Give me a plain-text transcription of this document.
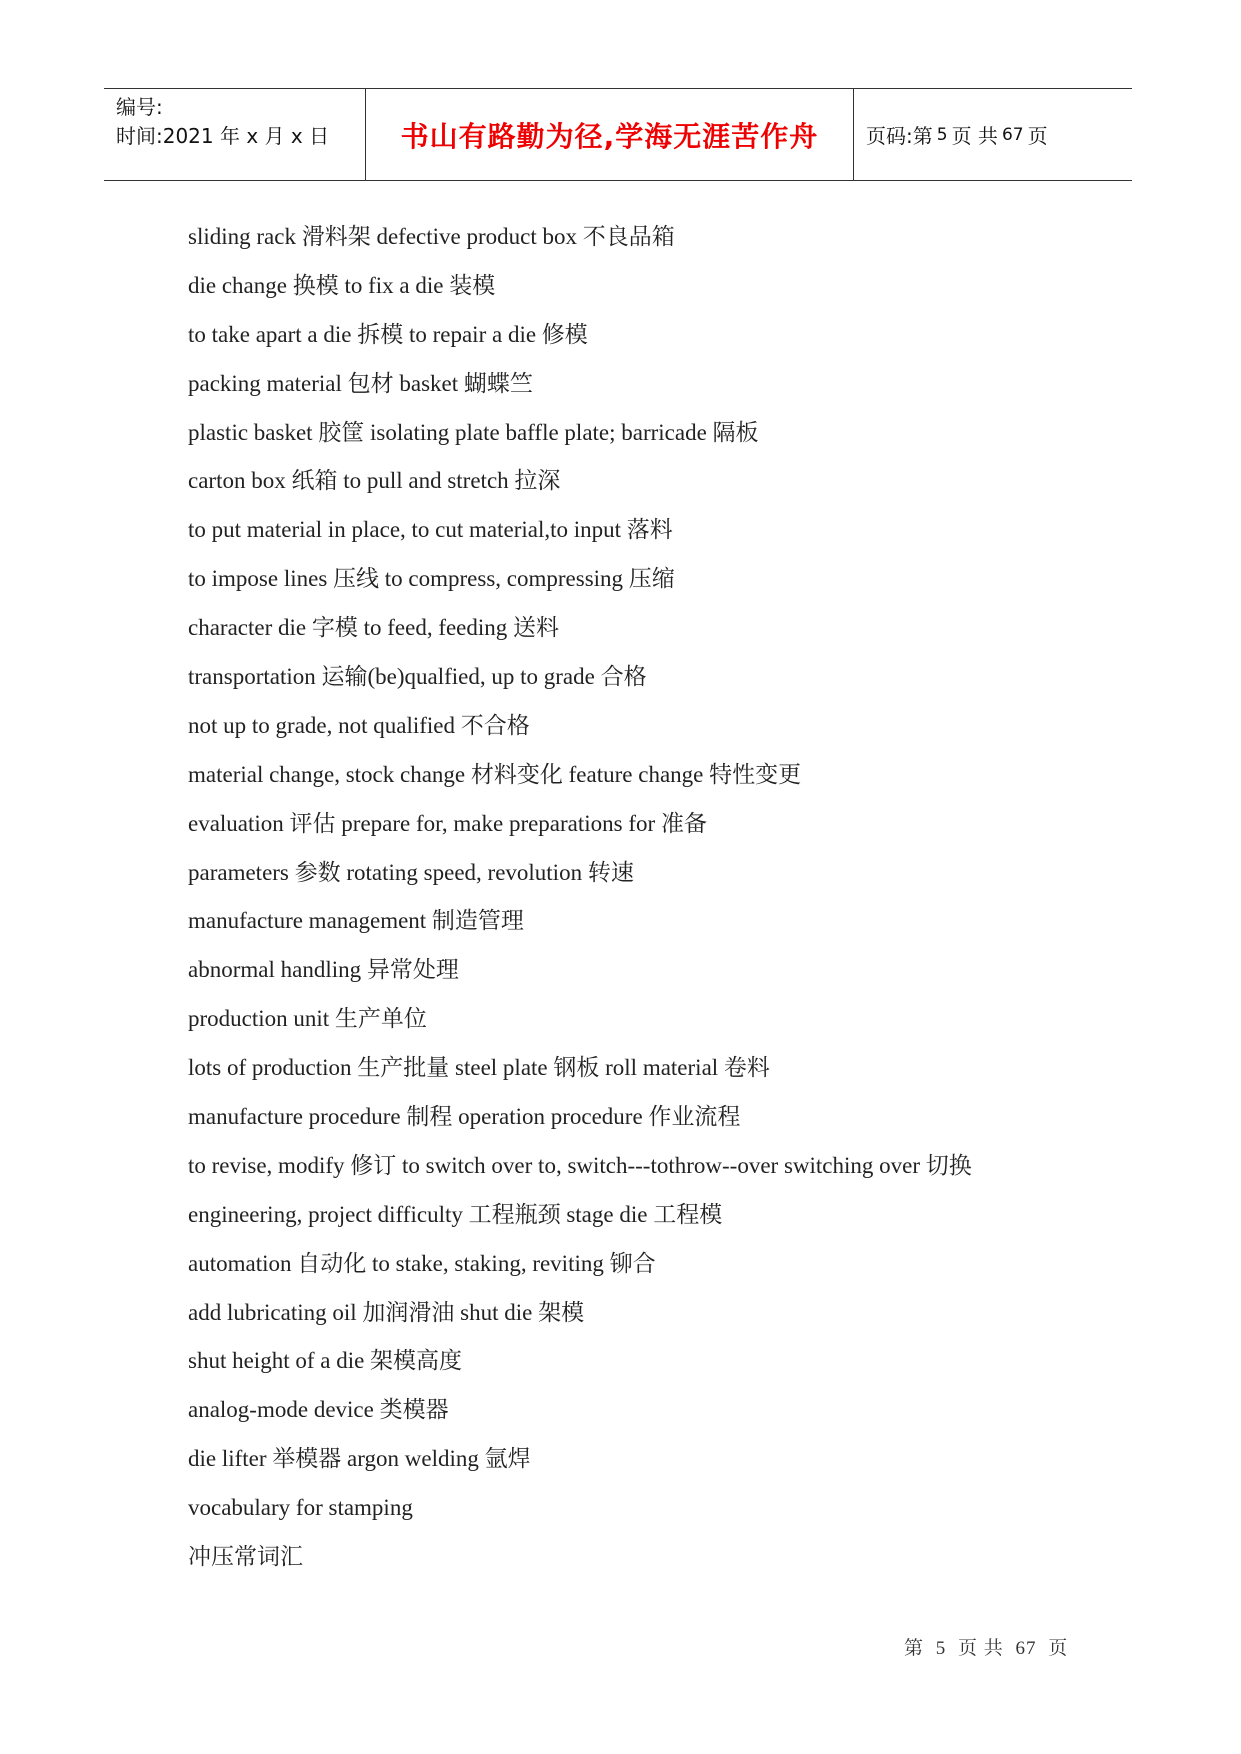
编号:
时间:2021 年 x 月 x 日	书山有路勤为径,学海无涯苦作舟	页码:第 5 页 共 67 页
sliding rack 滑料架 defective product box 不良品箱
die change 换模 to fix a die 装模
to take apart a die 拆模 to repair a die 修模
packing material 包材 basket 蝴蝶竺
plastic basket 胶筐 isolating plate baffle plate; barricade 隔板
carton box 纸箱 to pull and stretch 拉深
to put material in place, to cut material,to input 落料
to impose lines 压线 to compress, compressing 压缩
character die 字模 to feed, feeding 送料
transportation 运输(be)qualfied, up to grade 合格
not up to grade, not qualified 不合格
material change, stock change 材料变化 feature change 特性变更
evaluation 评估 prepare for, make preparations for 准备
parameters 参数 rotating speed, revolution 转速
manufacture management 制造管理
abnormal handling 异常处理
production unit 生产单位
lots of production 生产批量 steel plate 钢板 roll material 卷料
manufacture procedure 制程 operation procedure 作业流程
to revise, modify 修订 to switch over to, switch---tothrow--over switching over 切换
engineering, project difficulty 工程瓶颈 stage die 工程模
automation 自动化 to stake, staking, reviting 铆合
add lubricating oil 加润滑油 shut die 架模
shut height of a die 架模高度
analog-mode device 类模器
die lifter 举模器 argon welding 氩焊
vocabulary for stamping
冲压常词汇
第 5 页 共 67 页
